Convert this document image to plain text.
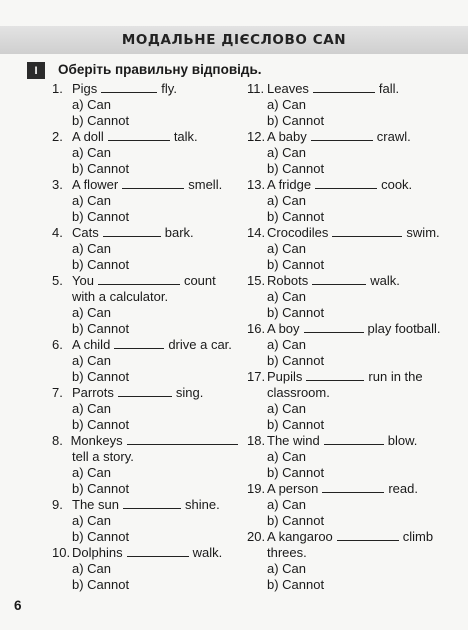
МОДАЛЬНЕ ДІЄСЛОВО CAN
I	Оберіть правильну відповідь.
1. Pigs	fly.
a) Can
b) Cannot
2. A doll	talk.
a) Can
b) Cannot
3. A flower	smell.
a) Can
b) Cannot
4. Cats	bark.
a) Can
b) Cannot
5. You	count
with a calculator.
a) Can
b) Cannot
6. A child	drive a car.
a) Can
b) Cannot
7. Parrots	sing.
a) Can
b) Cannot
8. Monkeys
tell a story.
a) Can
b) Cannot
9. The sun	shine.
a) Can
b) Cannot
10. Dolphins	walk.
a) Can
b) Cannot
11. Leaves	fall.
a) Can
b) Cannot
12. A baby	crawl.
a) Can
b) Cannot
13. A fridge	cook.
a) Can
b) Cannot
14. Crocodiles	swim.
a) Can
b) Cannot
15. Robots	walk.
a) Can
b) Cannot
16. A boy	play football.
a) Can
b) Cannot
17. Pupils	run in the
classroom.
a) Can
b) Cannot
18. The wind	blow.
a) Can
b) Cannot
19. A person	read.
a) Can
b) Cannot
20. A kangaroo	climb
threes.
a) Can
b) Cannot
6
